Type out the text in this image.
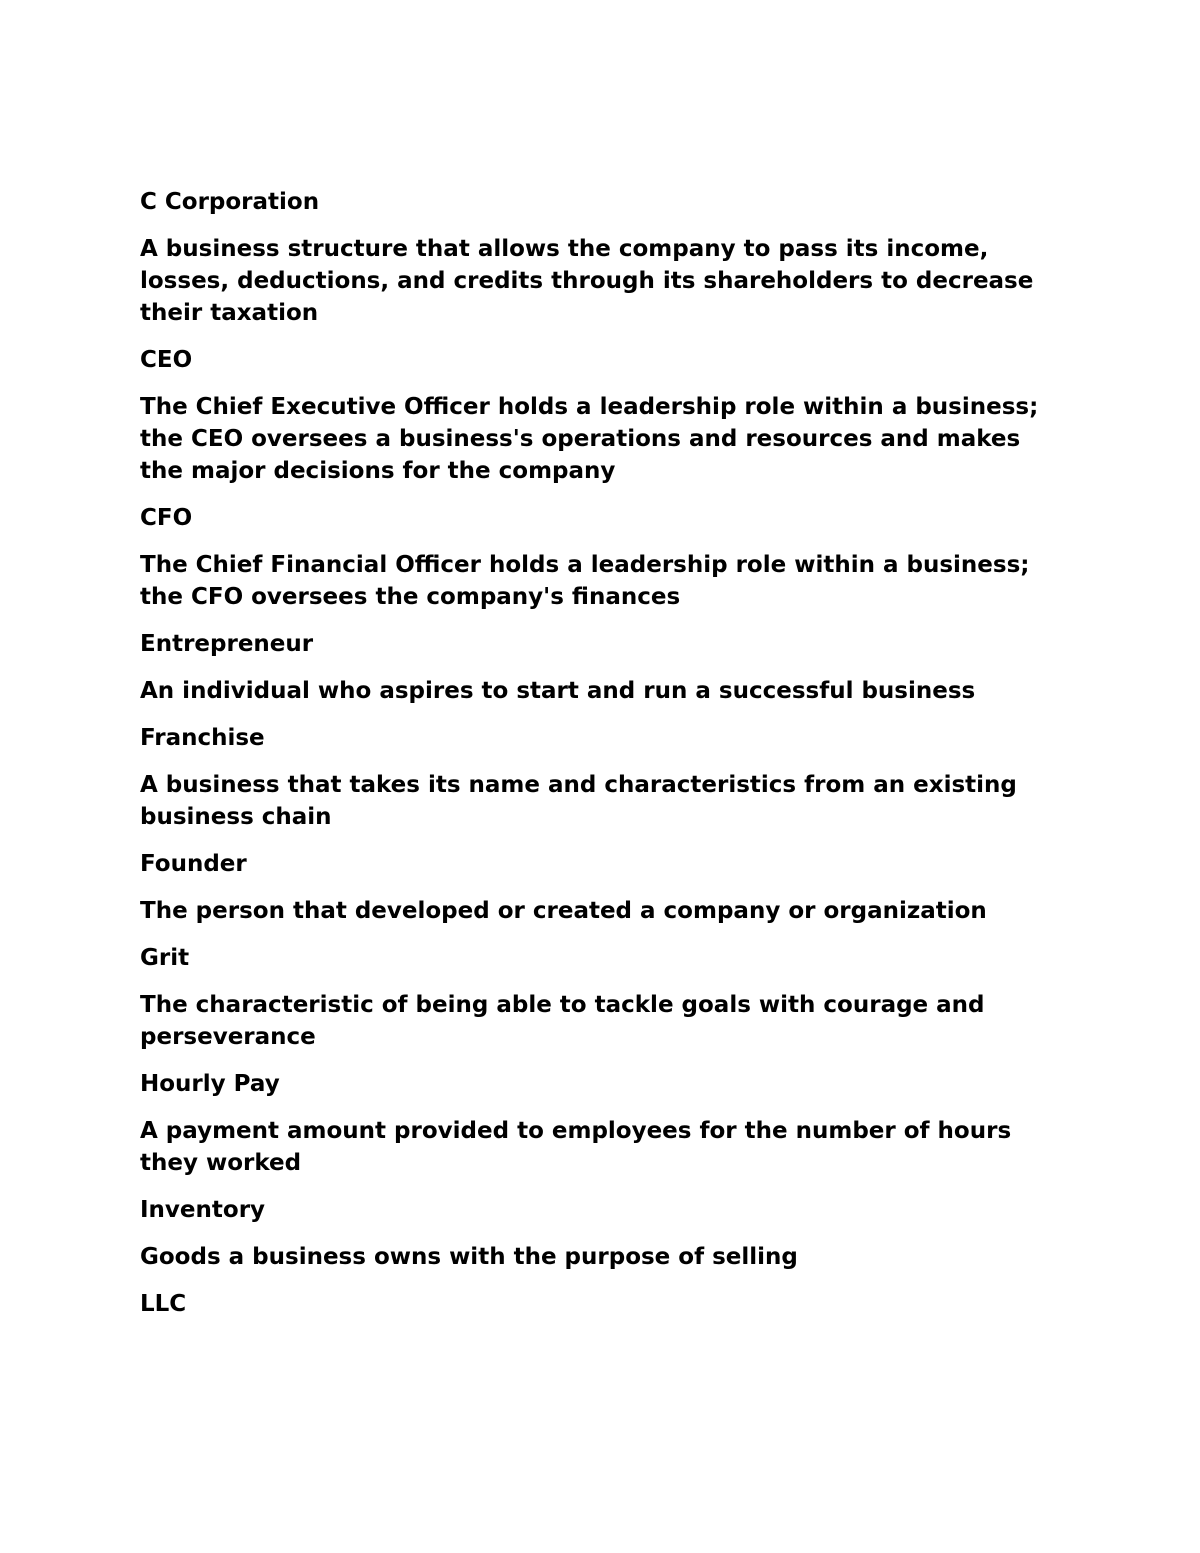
C Corporation

A business structure that allows the company to pass its income, losses, deductions, and credits through its shareholders to decrease their taxation

CEO

The Chief Executive Officer holds a leadership role within a business; the CEO oversees a business's operations and resources and makes the major decisions for the company

CFO

The Chief Financial Officer holds a leadership role within a business; the CFO oversees the company's finances

Entrepreneur

An individual who aspires to start and run a successful business

Franchise

A business that takes its name and characteristics from an existing business chain

Founder

The person that developed or created a company or organization

Grit

The characteristic of being able to tackle goals with courage and perseverance

Hourly Pay

A payment amount provided to employees for the number of hours they worked

Inventory

Goods a business owns with the purpose of selling

LLC
